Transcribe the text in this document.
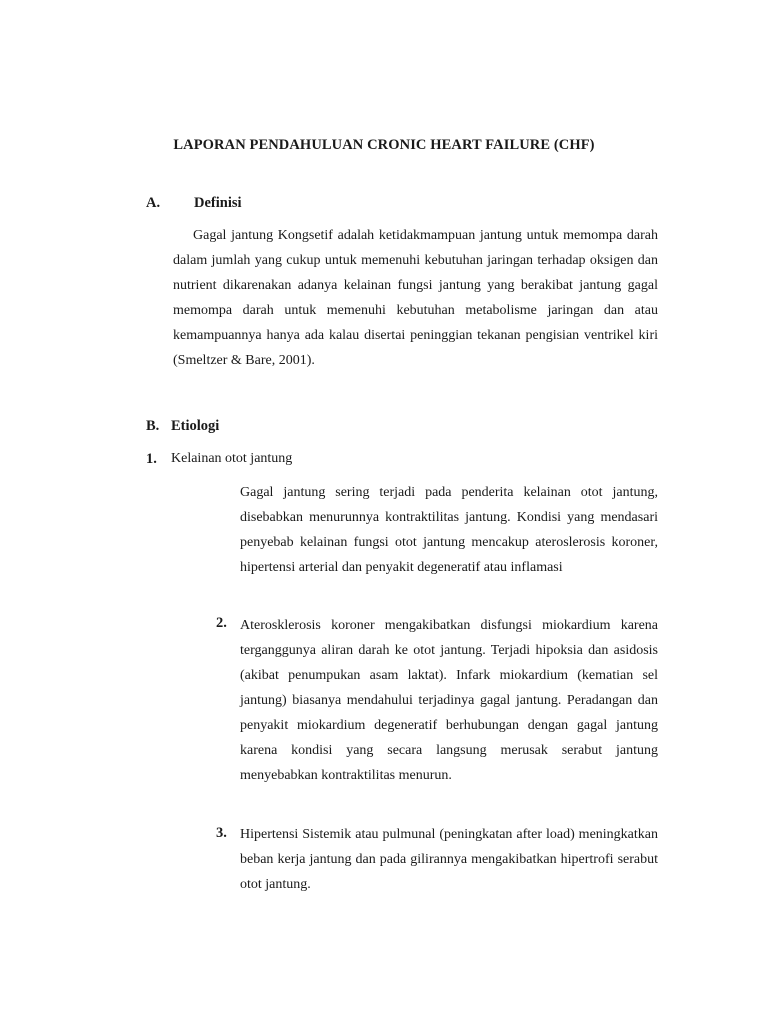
LAPORAN PENDAHULUAN CRONIC HEART FAILURE (CHF)
A. Definisi
Gagal jantung Kongsetif adalah ketidakmampuan jantung untuk memompa darah dalam jumlah yang cukup untuk memenuhi kebutuhan jaringan terhadap oksigen dan nutrient dikarenakan adanya kelainan fungsi jantung yang berakibat jantung gagal memompa darah untuk memenuhi kebutuhan metabolisme jaringan dan atau kemampuannya hanya ada kalau disertai peninggian tekanan pengisian ventrikel kiri (Smeltzer & Bare, 2001).
B. Etiologi
1. Kelainan otot jantung
Gagal jantung sering terjadi pada penderita kelainan otot jantung, disebabkan menurunnya kontraktilitas jantung. Kondisi yang mendasari penyebab kelainan fungsi otot jantung mencakup ateroslerosis koroner, hipertensi arterial dan penyakit degeneratif atau inflamasi
2. Aterosklerosis koroner mengakibatkan disfungsi miokardium karena terganggunya aliran darah ke otot jantung. Terjadi hipoksia dan asidosis (akibat penumpukan asam laktat). Infark miokardium (kematian sel jantung) biasanya mendahului terjadinya gagal jantung. Peradangan dan penyakit miokardium degeneratif berhubungan dengan gagal jantung karena kondisi yang secara langsung merusak serabut jantung menyebabkan kontraktilitas menurun.
3. Hipertensi Sistemik atau pulmunal (peningkatan after load) meningkatkan beban kerja jantung dan pada gilirannya mengakibatkan hipertrofi serabut otot jantung.
